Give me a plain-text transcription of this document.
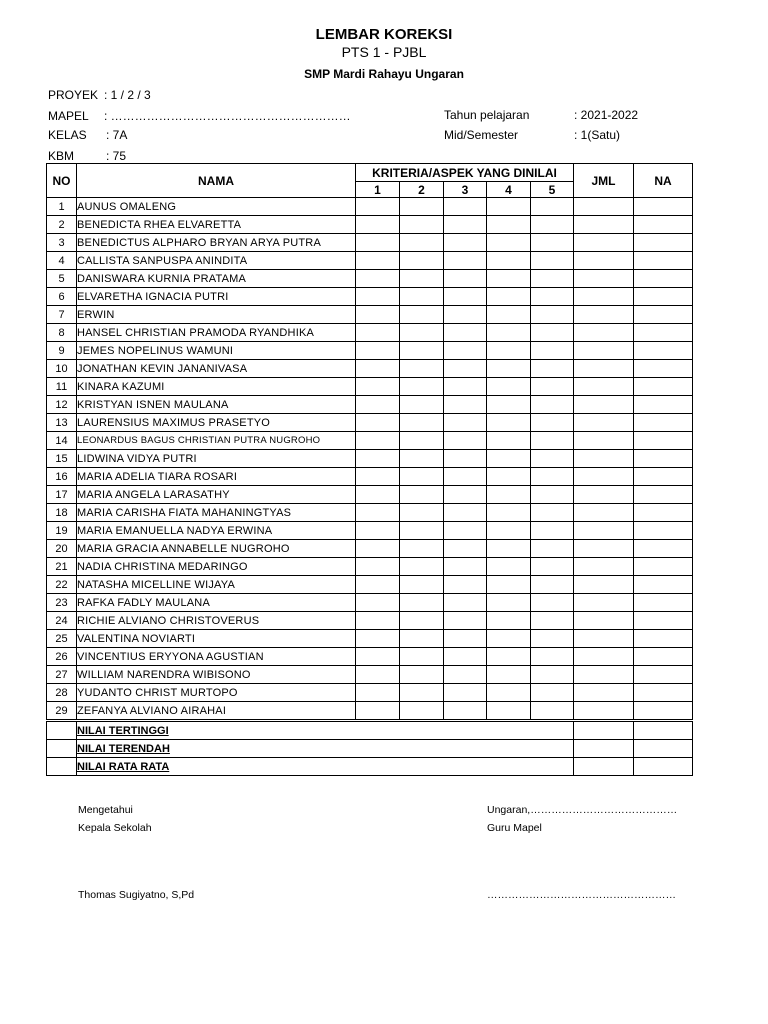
LEMBAR KOREKSI
PTS 1 - PJBL
SMP Mardi Rahayu Ungaran
PROYEK : 1 / 2 / 3
MAPEL : ……………………………………………………
KELAS : 7A
KBM	: 75
Tahun pelajaran	: 2021-2022
Mid/Semester	: 1(Satu)
NO	NAMA	KRITERIA/ASPEK YANG DINILAI					JML	NA
		1	2	3	4	5		
1	AUNUS OMALENG							
2	BENEDICTA RHEA ELVARETTA							
3	BENEDICTUS ALPHARO BRYAN ARYA PUTRA							
4	CALLISTA SANPUSPA ANINDITA							
5	DANISWARA KURNIA PRATAMA							
6	ELVARETHA IGNACIA PUTRI							
7	ERWIN							
8	HANSEL CHRISTIAN PRAMODA RYANDHIKA							
9	JEMES NOPELINUS WAMUNI							
10	JONATHAN KEVIN JANANIVASA							
11	KINARA KAZUMI							
12	KRISTYAN ISNEN MAULANA							
13	LAURENSIUS MAXIMUS PRASETYO							
14	LEONARDUS BAGUS CHRISTIAN PUTRA NUGROHO							
15	LIDWINA VIDYA PUTRI							
16	MARIA ADELIA TIARA ROSARI							
17	MARIA ANGELA LARASATHY							
18	MARIA CARISHA FIATA MAHANINGTYAS							
19	MARIA EMANUELLA NADYA ERWINA							
20	MARIA GRACIA ANNABELLE NUGROHO							
21	NADIA CHRISTINA MEDARINGO							
22	NATASHA MICELLINE WIJAYA							
23	RAFKA FADLY MAULANA							
24	RICHIE ALVIANO CHRISTOVERUS							
25	VALENTINA NOVIARTI							
26	VINCENTIUS ERYYONA AGUSTIAN							
27	WILLIAM NARENDRA WIBISONO							
28	YUDANTO CHRIST MURTOPO							
29	ZEFANYA ALVIANO AIRAHAI							
	NILAI TERTINGGI							
	NILAI TERENDAH							
	NILAI RATA RATA							
Mengetahui
Kepala Sekolah
Thomas Sugiyatno, S,Pd
Ungaran,……………………………………
Guru Mapel
………………………………………………
